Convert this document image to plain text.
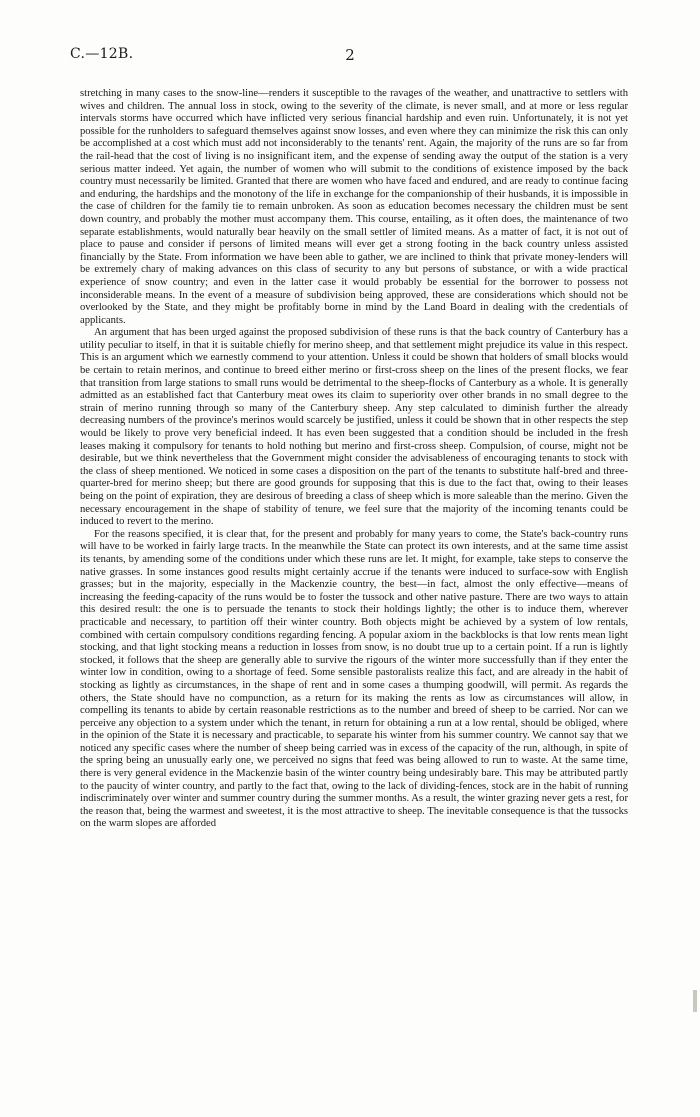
C.—12B.	2

stretching in many cases to the snow-line—renders it susceptible to the ravages of the weather, and unattractive to settlers with wives and children. The annual loss in stock, owing to the severity of the climate, is never small, and at more or less regular intervals storms have occurred which have inflicted very serious financial hardship and even ruin. Unfortunately, it is not yet possible for the runholders to safeguard themselves against snow losses, and even where they can minimize the risk this can only be accomplished at a cost which must add not inconsiderably to the tenants' rent. Again, the majority of the runs are so far from the rail-head that the cost of living is no insignificant item, and the expense of sending away the output of the station is a very serious matter indeed. Yet again, the number of women who will submit to the conditions of existence imposed by the back country must necessarily be limited. Granted that there are women who have faced and endured, and are ready to continue facing and enduring, the hardships and the monotony of the life in exchange for the companionship of their husbands, it is impossible in the case of children for the family tie to remain unbroken. As soon as education becomes necessary the children must be sent down country, and probably the mother must accompany them. This course, entailing, as it often does, the maintenance of two separate establishments, would naturally bear heavily on the small settler of limited means. As a matter of fact, it is not out of place to pause and consider if persons of limited means will ever get a strong footing in the back country unless assisted financially by the State. From information we have been able to gather, we are inclined to think that private money-lenders will be extremely chary of making advances on this class of security to any but persons of substance, or with a wide practical experience of snow country; and even in the latter case it would probably be essential for the borrower to possess not inconsiderable means. In the event of a measure of subdivision being approved, these are considerations which should not be overlooked by the State, and they might be profitably borne in mind by the Land Board in dealing with the credentials of applicants.

An argument that has been urged against the proposed subdivision of these runs is that the back country of Canterbury has a utility peculiar to itself, in that it is suitable chiefly for merino sheep, and that settlement might prejudice its value in this respect. This is an argument which we earnestly commend to your attention. Unless it could be shown that holders of small blocks would be certain to retain merinos, and continue to breed either merino or first-cross sheep on the lines of the present flocks, we fear that transition from large stations to small runs would be detrimental to the sheep-flocks of Canterbury as a whole. It is generally admitted as an established fact that Canterbury meat owes its claim to superiority over other brands in no small degree to the strain of merino running through so many of the Canterbury sheep. Any step calculated to diminish further the already decreasing numbers of the province's merinos would scarcely be justified, unless it could be shown that in other respects the step would be likely to prove very beneficial indeed. It has even been suggested that a condition should be included in the fresh leases making it compulsory for tenants to hold nothing but merino and first-cross sheep. Compulsion, of course, might not be desirable, but we think nevertheless that the Government might consider the advisableness of encouraging tenants to stock with the class of sheep mentioned. We noticed in some cases a disposition on the part of the tenants to substitute half-bred and three-quarter-bred for merino sheep; but there are good grounds for supposing that this is due to the fact that, owing to their leases being on the point of expiration, they are desirous of breeding a class of sheep which is more saleable than the merino. Given the necessary encouragement in the shape of stability of tenure, we feel sure that the majority of the incoming tenants could be induced to revert to the merino.

For the reasons specified, it is clear that, for the present and probably for many years to come, the State's back-country runs will have to be worked in fairly large tracts. In the meanwhile the State can protect its own interests, and at the same time assist its tenants, by amending some of the conditions under which these runs are let. It might, for example, take steps to conserve the native grasses. In some instances good results might certainly accrue if the tenants were induced to surface-sow with English grasses; but in the majority, especially in the Mackenzie country, the best—in fact, almost the only effective—means of increasing the feeding-capacity of the runs would be to foster the tussock and other native pasture. There are two ways to attain this desired result: the one is to persuade the tenants to stock their holdings lightly; the other is to induce them, wherever practicable and necessary, to partition off their winter country. Both objects might be achieved by a system of low rentals, combined with certain compulsory conditions regarding fencing. A popular axiom in the backblocks is that low rents mean light stocking, and that light stocking means a reduction in losses from snow, is no doubt true up to a certain point. If a run is lightly stocked, it follows that the sheep are generally able to survive the rigours of the winter more successfully than if they enter the winter low in condition, owing to a shortage of feed. Some sensible pastoralists realize this fact, and are already in the habit of stocking as lightly as circumstances, in the shape of rent and in some cases a thumping goodwill, will permit. As regards the others, the State should have no compunction, as a return for its making the rents as low as circumstances will allow, in compelling its tenants to abide by certain reasonable restrictions as to the number and breed of sheep to be carried. Nor can we perceive any objection to a system under which the tenant, in return for obtaining a run at a low rental, should be obliged, where in the opinion of the State it is necessary and practicable, to separate his winter from his summer country. We cannot say that we noticed any specific cases where the number of sheep being carried was in excess of the capacity of the run, although, in spite of the spring being an unusually early one, we perceived no signs that feed was being allowed to run to waste. At the same time, there is very general evidence in the Mackenzie basin of the winter country being undesirably bare. This may be attributed partly to the paucity of winter country, and partly to the fact that, owing to the lack of dividing-fences, stock are in the habit of running indiscriminately over winter and summer country during the summer months. As a result, the winter grazing never gets a rest, for the reason that, being the warmest and sweetest, it is the most attractive to sheep. The inevitable consequence is that the tussocks on the warm slopes are afforded
